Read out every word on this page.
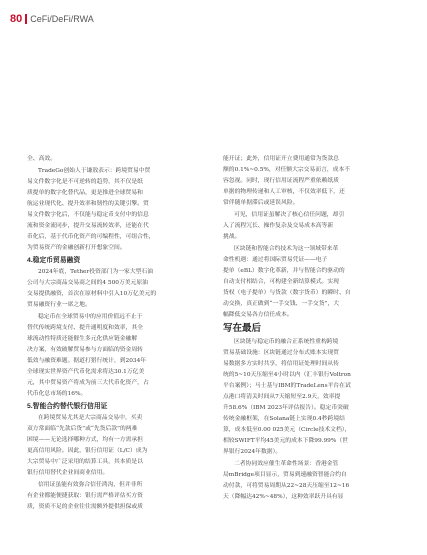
80 CeFi/DeFi/RWA
全、高效。
TradeGo创始人于谦敖表示：跨境贸易中贸
易文件数字化是不可逆转的趋势，其不仅是纸
质提单的数字化替代品，更是推进全球贸易和
航运业现代化、提升效率和韧性的关键引擎。贸
易文件数字化后，不仅能与稳定币支付中的信息
流和资金流同步，提升交易流转效率，还能在代
币化后，基于代币化资产的可编程性，可组合性，
为贸易资产的金融创新打开想象空间。
4.稳定币贸易融资
2024年底，Tether投资部门为一家大型石油
公司与大宗商品交易商之间的4 500万美元原油
交易提供融资，首次在原材料中引入10万亿美元的
贸易融资行业一席之地。
稳定币在全球贸易中的应用价值远不止于
替代传统跨境支付、提升通明度和效率，其全
球流动性特质还能催生多元化供应链金融解
决方案，有效破解贸易参与方面临的资金周转
低效与融资难题。据道打猎行统计，到2034年
全球现实世界资产代币化需求将达30.1万亿美
元，其中贸易资产将成为前三大代币化资产，占
代币化总市场的16%。
5.智能合约替代银行信用证
在跨境贸易尤其是大宗商品交易中，买卖
双方常面临“先款后货”或“先货后款”的两难
困境——无论选择哪种方式，均有一方需承担
更高信用风险。因此，银行信用证（L/C）成为
大宗贸易中广泛采用的结算工具，其本质是以
银行信用替代企业间商业信用。
信用证虽能有效弥合信任鸿沟，但并非所
有企业都能便捷获取：银行需严格评估买方资
质，资质不足的企业往往需额外提供担保或质
能开证；此外，信用证开立费用通常为货款总
额的0.1%~0.5%，对任额大宗交易而言，成本不
容忽视。同时，现行信用证流程严重依赖纸质
单据的物理传递和人工审核，不仅效率低下，还
常伴随单据滞后或延误风险。
可见，信用证虽解决了核心信任问题，却引
入了流程冗长、操作复杂及交易成本高等新
挑战。
区块链和智能合约技术为这一领域带来革
命性机遇：通过将国际贸易凭证——电子
提单（eBL）数字化革新，并与智能合约驱动的
自动支付相结合，可构建全新结算模式。实现
货权（电子提单）与货款（数字货币）的瞬时、自
动交换，真正做到“一手交钱、一手交货”，大
幅降低交易各方信任成本。
写在最后
区块链与稳定币的融合正系统性重构跨境
贸易基础设施：区块链通过分布式账本实现贸
易数据多方实时共享，将信用证处理时间从传
统的5~10天压缩至4小时以内（汇丰银行Voltron
平台案例）；马士基与IBM的TradeLens平台在试
点港口将清关时间从7天缩短至2.9天，效率提
升58.6%（IBM 2023年评估报告）。稳定币突破
传统金融框架，在Solana链上实现0.4秒跨境结
算，成本低至0.00 025美元（Circle技术文档），
相较SWIFT平均45美元的成本下降99.99%（世
界银行2024年数据）。
二者协同效应催生革命性场景：香港金管
局mBridge项目显示，贸易到速融资智能合约自
动付款，可将贸易周期从22~28天压缩至12~16
天（降幅达42%~48%），这种效率跃升具有显
